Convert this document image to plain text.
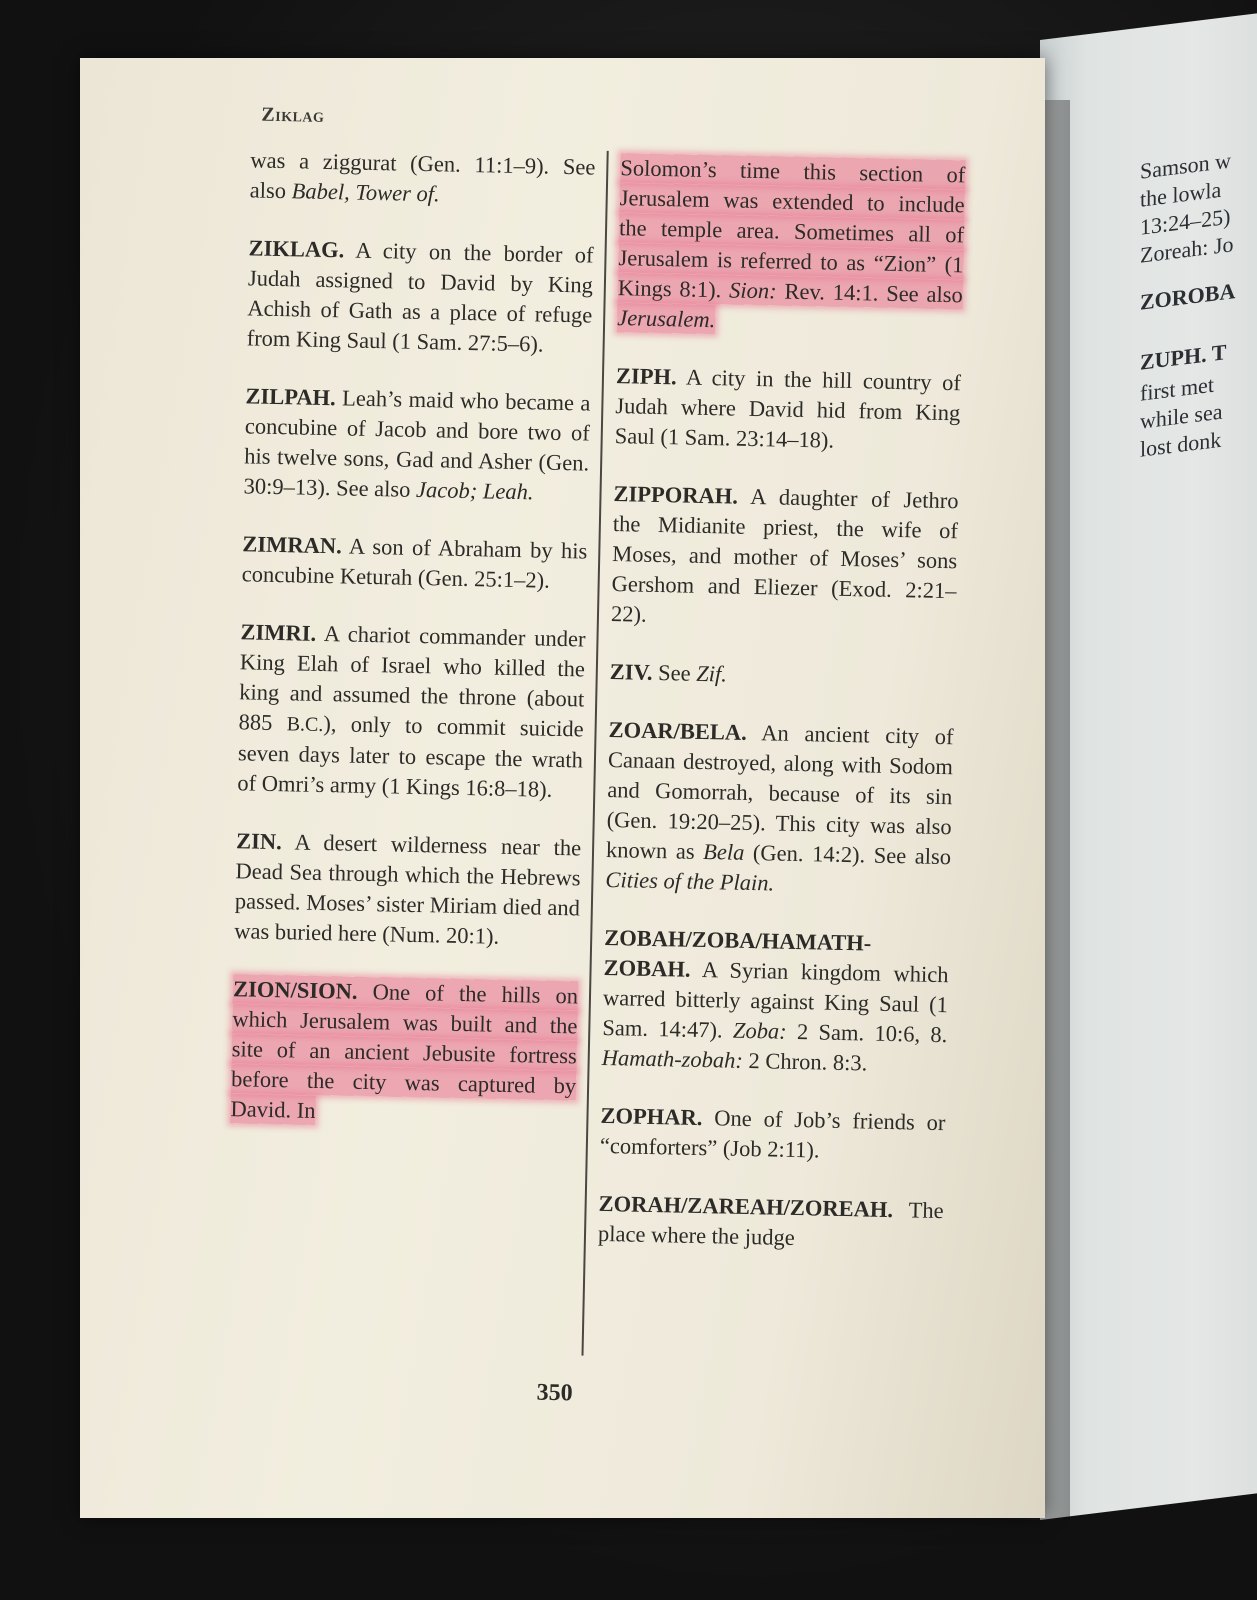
Samson w
the lowla
13:24–25)
Zoreah: Jo
ZOROBA
ZUPH. T
first met
while sea
lost donk
Ziklag

was a ziggurat (Gen. 11:1–9). See also Babel, Tower of.

ZIKLAG. A city on the border of Judah assigned to David by King Achish of Gath as a place of refuge from King Saul (1 Sam. 27:5–6).

ZILPAH. Leah’s maid who became a concubine of Jacob and bore two of his twelve sons, Gad and Asher (Gen. 30:9–13). See also Jacob; Leah.

ZIMRAN. A son of Abraham by his concubine Keturah (Gen. 25:1–2).

ZIMRI. A chariot commander under King Elah of Israel who killed the king and assumed the throne (about 885 B.C.), only to commit suicide seven days later to escape the wrath of Omri’s army (1 Kings 16:8–18).

ZIN. A desert wilderness near the Dead Sea through which the Hebrews passed. Moses’ sister Miriam died and was buried here (Num. 20:1).

ZION/SION. One of the hills on which Jerusalem was built and the site of an ancient Jebusite fortress before the city was captured by David. In

Solomon’s time this section of Jerusalem was extended to include the temple area. Sometimes all of Jerusalem is referred to as “Zion” (1 Kings 8:1). Sion: Rev. 14:1. See also Jerusalem.

ZIPH. A city in the hill country of Judah where David hid from King Saul (1 Sam. 23:14–18).

ZIPPORAH. A daughter of Jethro the Midianite priest, the wife of Moses, and mother of Moses’ sons Gershom and Eliezer (Exod. 2:21–22).

ZIV. See Zif.

ZOAR/BELA. An ancient city of Canaan destroyed, along with Sodom and Gomorrah, because of its sin (Gen. 19:20–25). This city was also known as Bela (Gen. 14:2). See also Cities of the Plain.

ZOBAH/ZOBA/HAMATH-ZOBAH. A Syrian kingdom which warred bitterly against King Saul (1 Sam. 14:47). Zoba: 2 Sam. 10:6, 8. Hamath-zobah: 2 Chron. 8:3.

ZOPHAR. One of Job’s friends or “comforters” (Job 2:11).

ZORAH/ZAREAH/ZOREAH. The place where the judge

350
